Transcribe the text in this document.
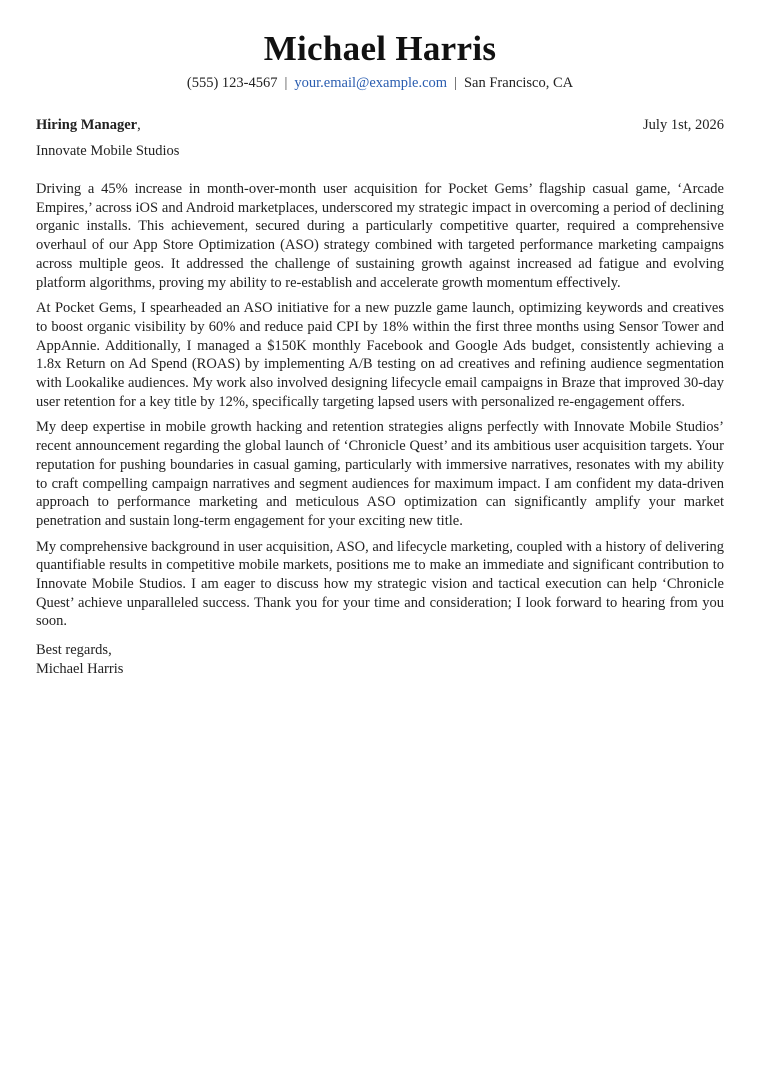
Michael Harris
(555) 123-4567 | your.email@example.com | San Francisco, CA
Hiring Manager,	July 1st, 2026
Innovate Mobile Studios

Driving a 45% increase in month-over-month user acquisition for Pocket Gems’ flagship casual game, ‘Arcade Empires,’ across iOS and Android marketplaces, underscored my strategic impact in overcoming a period of declining organic installs. This achievement, secured during a particularly competitive quarter, required a comprehensive overhaul of our App Store Optimization (ASO) strategy combined with targeted performance marketing campaigns across multiple geos. It addressed the challenge of sustaining growth against increased ad fatigue and evolving platform algorithms, proving my ability to re-establish and accelerate growth momentum effectively.

At Pocket Gems, I spearheaded an ASO initiative for a new puzzle game launch, optimizing keywords and creatives to boost organic visibility by 60% and reduce paid CPI by 18% within the first three months using Sensor Tower and AppAnnie. Additionally, I managed a $150K monthly Facebook and Google Ads budget, consistently achieving a 1.8x Return on Ad Spend (ROAS) by implementing A/B testing on ad creatives and refining audience segmentation with Lookalike audiences. My work also involved designing lifecycle email campaigns in Braze that improved 30-day user retention for a key title by 12%, specifically targeting lapsed users with personalized re-engagement offers.

My deep expertise in mobile growth hacking and retention strategies aligns perfectly with Innovate Mobile Studios’ recent announcement regarding the global launch of ‘Chronicle Quest’ and its ambitious user acquisition targets. Your reputation for pushing boundaries in casual gaming, particularly with immersive narratives, resonates with my ability to craft compelling campaign narratives and segment audiences for maximum impact. I am confident my data-driven approach to performance marketing and meticulous ASO optimization can significantly amplify your market penetration and sustain long-term engagement for your exciting new title.

My comprehensive background in user acquisition, ASO, and lifecycle marketing, coupled with a history of delivering quantifiable results in competitive mobile markets, positions me to make an immediate and significant contribution to Innovate Mobile Studios. I am eager to discuss how my strategic vision and tactical execution can help ‘Chronicle Quest’ achieve unparalleled success. Thank you for your time and consideration; I look forward to hearing from you soon.

Best regards,
Michael Harris
